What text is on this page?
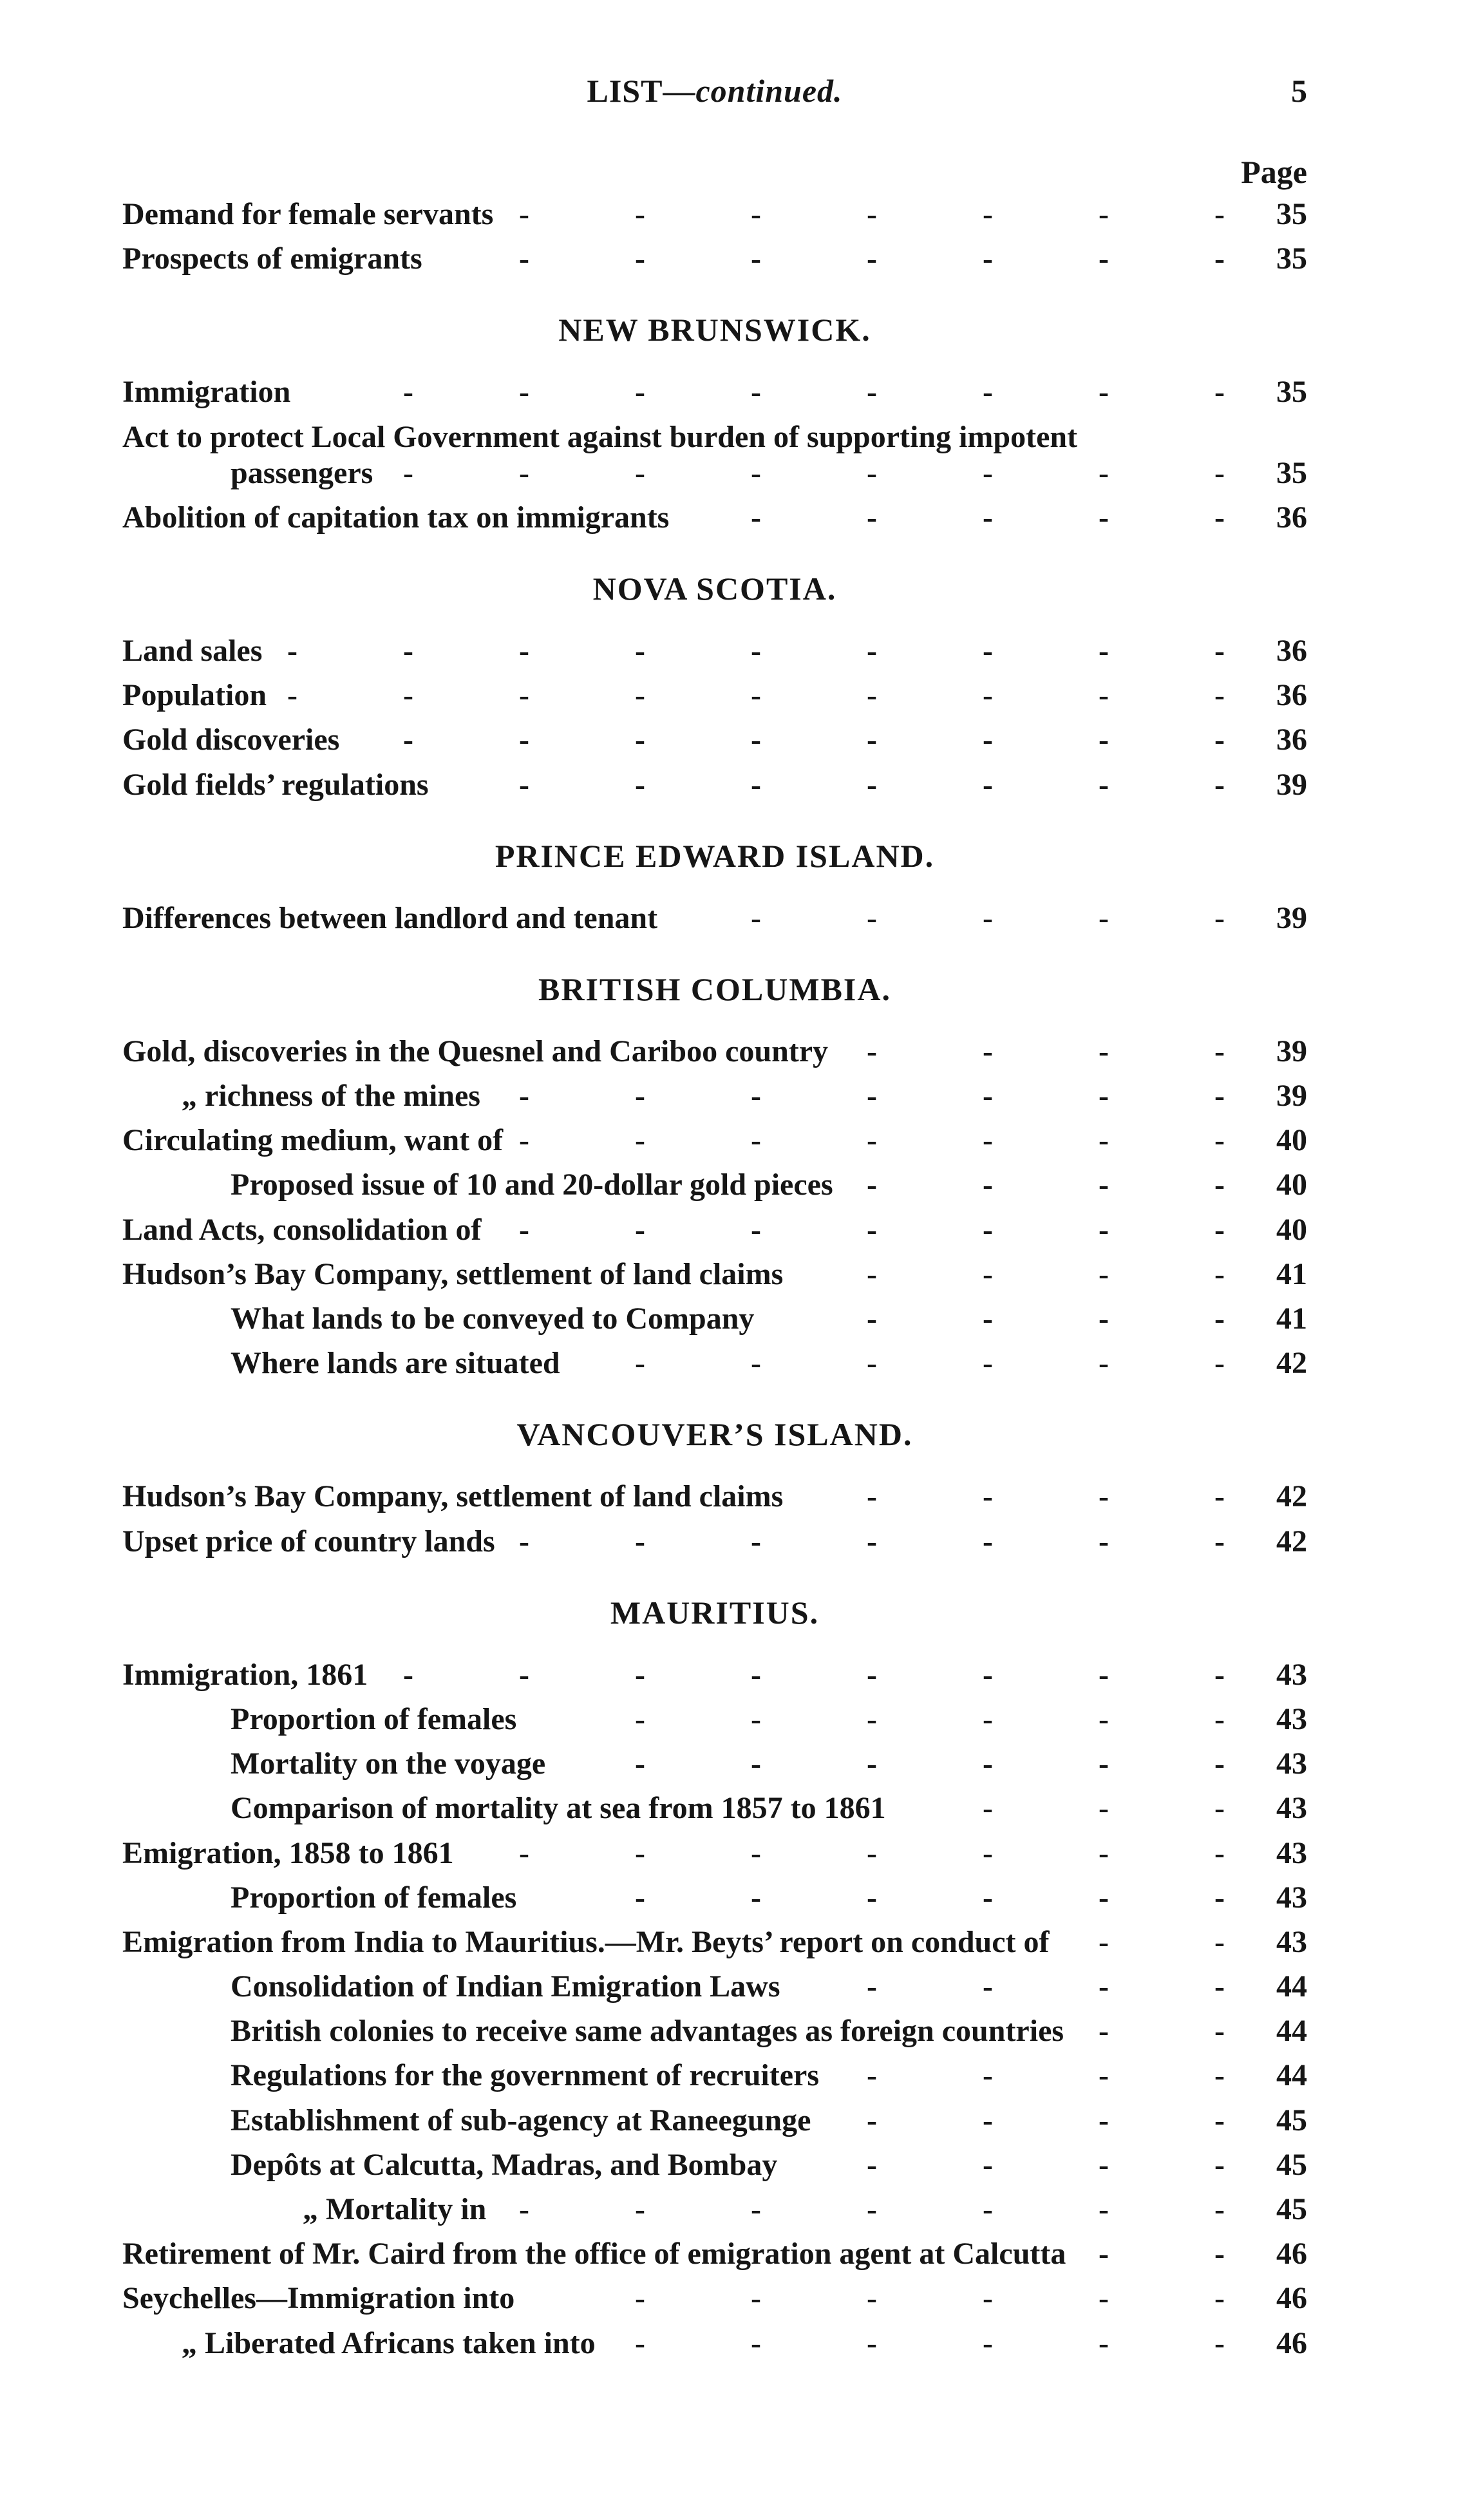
LIST—continued.	5
Page
Demand for female servants	35
-
-
-
-
-
-
-
Prospects of emigrants	35
-
-
-
-
-
-
-
NEW BRUNSWICK.
Immigration	35
-
-
-
-
-
-
-
-
Act to protect Local Government against burden of supporting impotent
passengers	35
-
-
-
-
-
-
-
-
Abolition of capitation tax on immigrants	36
-
-
-
-
-
NOVA SCOTIA.
Land sales	36
-
-
-
-
-
-
-
-
-
Population	36
-
-
-
-
-
-
-
-
-
Gold discoveries	36
-
-
-
-
-
-
-
-
Gold fields’ regulations	39
-
-
-
-
-
-
-
PRINCE EDWARD ISLAND.
Differences between landlord and tenant	39
-
-
-
-
-
BRITISH COLUMBIA.
Gold, discoveries in the Quesnel and Cariboo country	39
-
-
-
-
„ richness of the mines	39
-
-
-
-
-
-
-
Circulating medium, want of	40
-
-
-
-
-
-
-
Proposed issue of 10 and 20-dollar gold pieces	40
-
-
-
-
Land Acts, consolidation of	40
-
-
-
-
-
-
-
Hudson’s Bay Company, settlement of land claims	41
-
-
-
-
What lands to be conveyed to Company	41
-
-
-
-
Where lands are situated	42
-
-
-
-
-
-
VANCOUVER’S ISLAND.
Hudson’s Bay Company, settlement of land claims	42
-
-
-
-
Upset price of country lands	42
-
-
-
-
-
-
-
MAURITIUS.
Immigration, 1861	43
-
-
-
-
-
-
-
-
Proportion of females	43
-
-
-
-
-
-
Mortality on the voyage	43
-
-
-
-
-
-
Comparison of mortality at sea from 1857 to 1861	43
-
-
-
Emigration, 1858 to 1861	43
-
-
-
-
-
-
-
Proportion of females	43
-
-
-
-
-
-
Emigration from India to Mauritius.—Mr. Beyts’ report on conduct of	43
-
-
Consolidation of Indian Emigration Laws	44
-
-
-
-
British colonies to receive same advantages as foreign countries	44
-
-
Regulations for the government of recruiters	44
-
-
-
-
Establishment of sub-agency at Raneegunge	45
-
-
-
-
Depôts at Calcutta, Madras, and Bombay	45
-
-
-
-
„ Mortality in	45
-
-
-
-
-
-
-
Retirement of Mr. Caird from the office of emigration agent at Calcutta	46
-
-
Seychelles—Immigration into	46
-
-
-
-
-
-
„ Liberated Africans taken into	46
-
-
-
-
-
-
